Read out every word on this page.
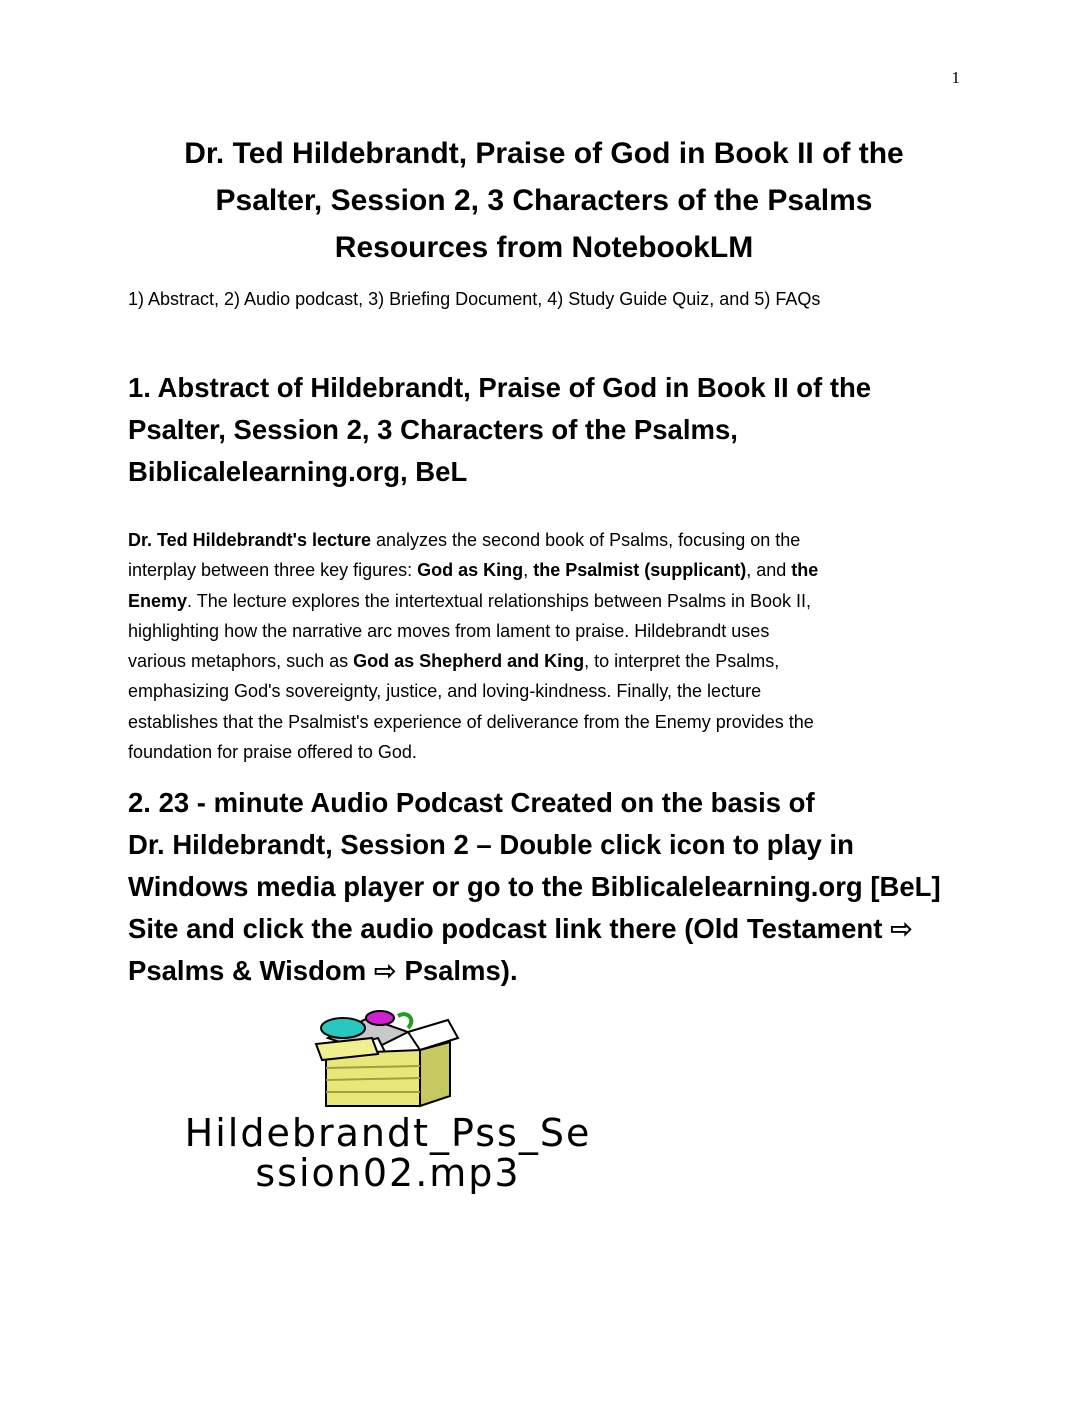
1
Dr. Ted Hildebrandt, Praise of God in Book II of the
Psalter, Session 2, 3 Characters of the Psalms
Resources from NotebookLM
1) Abstract, 2) Audio podcast, 3) Briefing Document, 4) Study Guide Quiz, and 5) FAQs
1. Abstract of Hildebrandt, Praise of God in Book II of the
Psalter, Session 2, 3 Characters of the Psalms,
Biblicalelearning.org, BeL
Dr. Ted Hildebrandt's lecture analyzes the second book of Psalms, focusing on the
interplay between three key figures: God as King, the Psalmist (supplicant), and the
Enemy. The lecture explores the intertextual relationships between Psalms in Book II,
highlighting how the narrative arc moves from lament to praise. Hildebrandt uses
various metaphors, such as God as Shepherd and King, to interpret the Psalms,
emphasizing God's sovereignty, justice, and loving-kindness. Finally, the lecture
establishes that the Psalmist's experience of deliverance from the Enemy provides the
foundation for praise offered to God.
2. 23 - minute Audio Podcast Created on the basis of
Dr. Hildebrandt, Session 2 – Double click icon to play in
Windows media player or go to the Biblicalelearning.org [BeL]
Site and click the audio podcast link there (Old Testament ⇨
Psalms & Wisdom ⇨ Psalms).
Hildebrandt_Pss_Se
ssion02.mp3
